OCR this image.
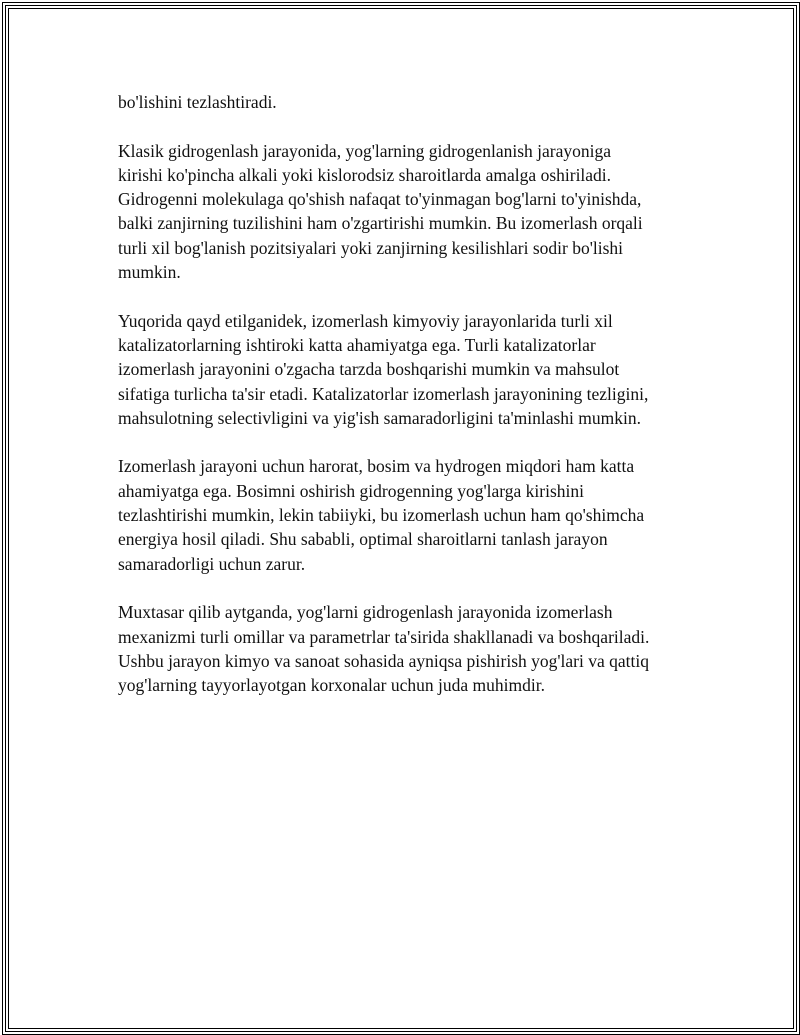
bo'lishini tezlashtiradi.

Klasik gidrogenlash jarayonida, yog'larning gidrogenlanish jarayoniga
kirishi ko'pincha alkali yoki kislorodsiz sharoitlarda amalga oshiriladi.
Gidrogenni molekulaga qo'shish nafaqat to'yinmagan bog'larni to'yinishda,
balki zanjirning tuzilishini ham o'zgartirishi mumkin. Bu izomerlash orqali
turli xil bog'lanish pozitsiyalari yoki zanjirning kesilishlari sodir bo'lishi
mumkin.

Yuqorida qayd etilganidek, izomerlash kimyoviy jarayonlarida turli xil
katalizatorlarning ishtiroki katta ahamiyatga ega. Turli katalizatorlar
izomerlash jarayonini o'zgacha tarzda boshqarishi mumkin va mahsulot
sifatiga turlicha ta'sir etadi. Katalizatorlar izomerlash jarayonining tezligini,
mahsulotning selectivligini va yig'ish samaradorligini ta'minlashi mumkin.

Izomerlash jarayoni uchun harorat, bosim va hydrogen miqdori ham katta
ahamiyatga ega. Bosimni oshirish gidrogenning yog'larga kirishini
tezlashtirishi mumkin, lekin tabiiyki, bu izomerlash uchun ham qo'shimcha
energiya hosil qiladi. Shu sababli, optimal sharoitlarni tanlash jarayon
samaradorligi uchun zarur.

Muxtasar qilib aytganda, yog'larni gidrogenlash jarayonida izomerlash
mexanizmi turli omillar va parametrlar ta'sirida shakllanadi va boshqariladi.
Ushbu jarayon kimyo va sanoat sohasida ayniqsa pishirish yog'lari va qattiq
yog'larning tayyorlayotgan korxonalar uchun juda muhimdir.
